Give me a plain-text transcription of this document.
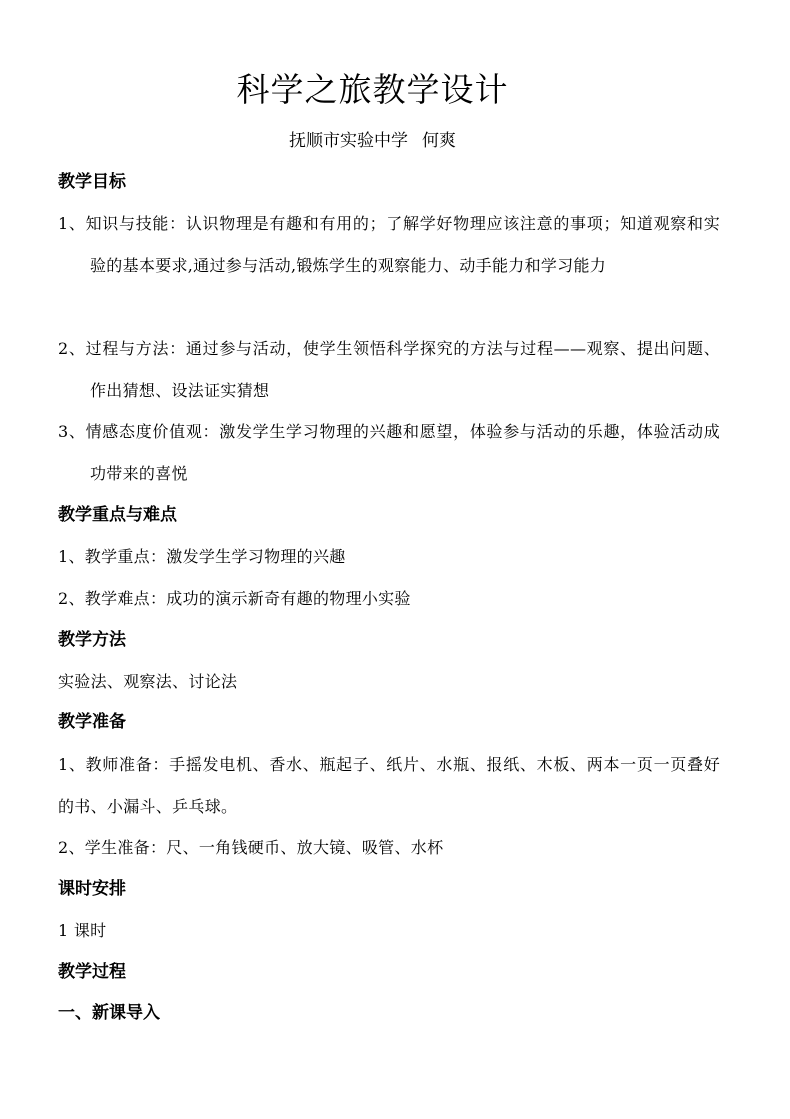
科学之旅教学设计
抚顺市实验中学 何爽
教学目标
1、知识与技能：认识物理是有趣和有用的；了解学好物理应该注意的事项；知道观察和实验的基本要求,通过参与活动,锻炼学生的观察能力、动手能力和学习能力
2、过程与方法：通过参与活动，使学生领悟科学探究的方法与过程——观察、提出问题、作出猜想、设法证实猜想
3、情感态度价值观：激发学生学习物理的兴趣和愿望，体验参与活动的乐趣，体验活动成功带来的喜悦
教学重点与难点
1、教学重点：激发学生学习物理的兴趣
2、教学难点：成功的演示新奇有趣的物理小实验
教学方法
实验法、观察法、讨论法
教学准备
1、教师准备：手摇发电机、香水、瓶起子、纸片、水瓶、报纸、木板、两本一页一页叠好的书、小漏斗、乒乓球。
2、学生准备：尺、一角钱硬币、放大镜、吸管、水杯
课时安排
1 课时
教学过程
一、新课导入
